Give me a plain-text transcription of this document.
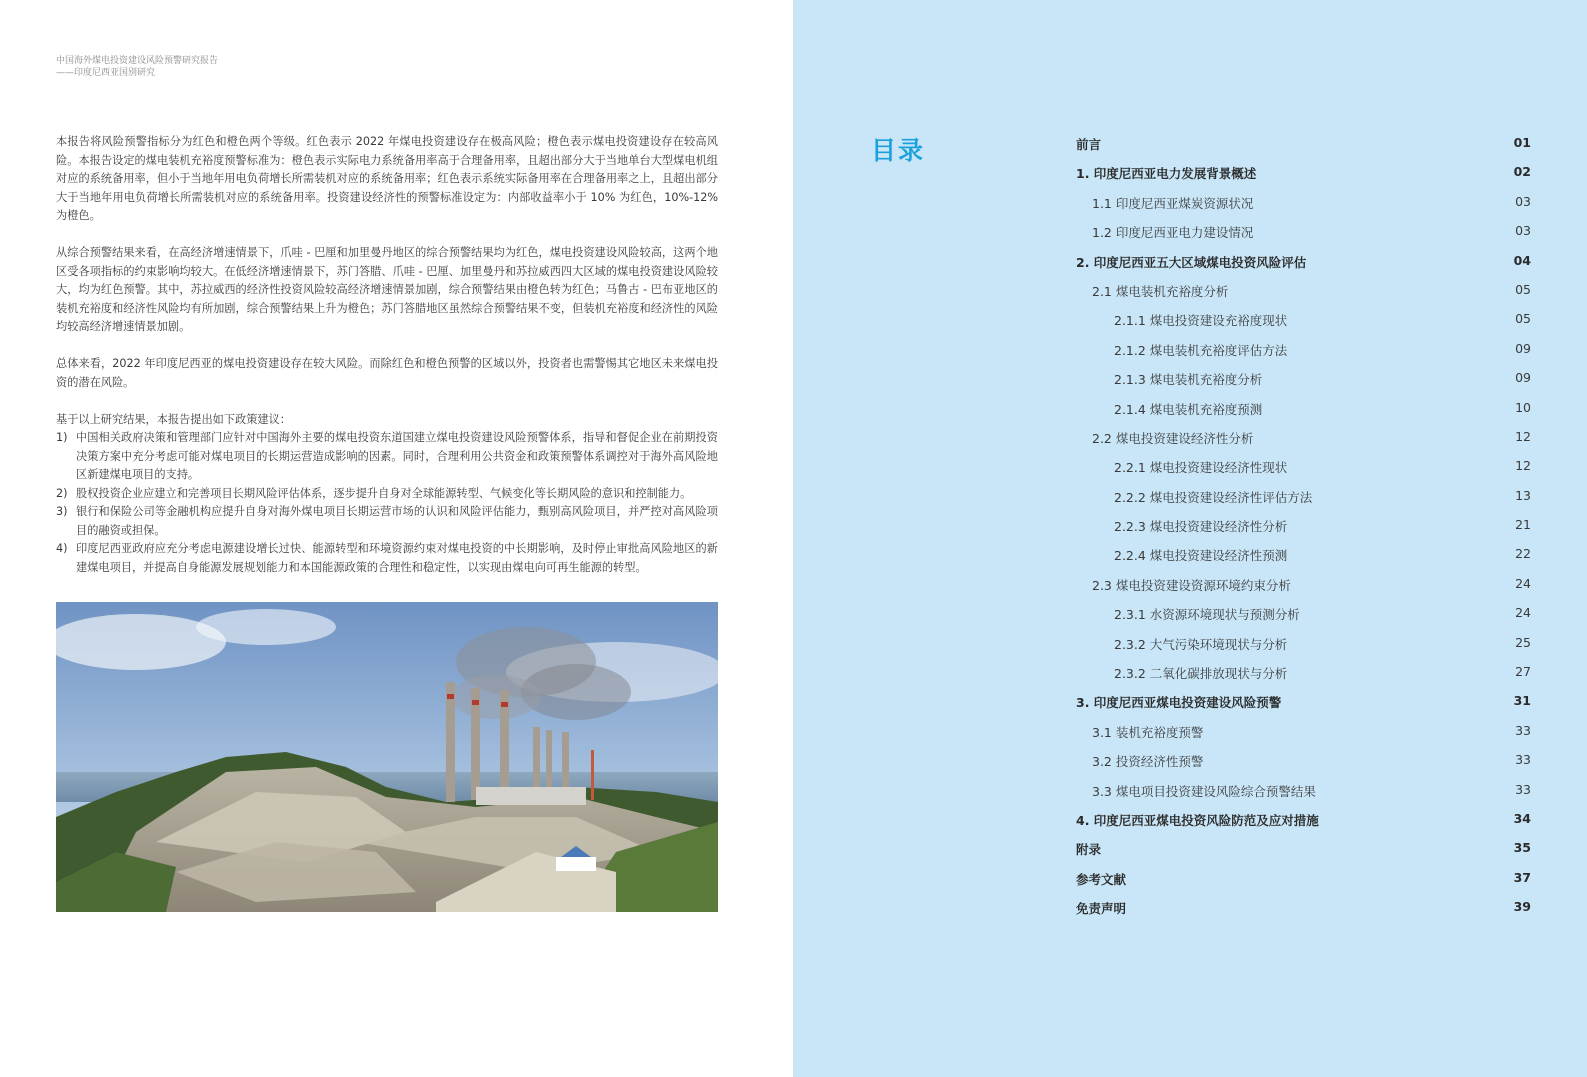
中国海外煤电投资建设风险预警研究报告
——印度尼西亚国别研究

本报告将风险预警指标分为红色和橙色两个等级。红色表示 2022 年煤电投资建设存在极高风险；橙色表示煤电投资建设存在较高风险。本报告设定的煤电装机充裕度预警标准为：橙色表示实际电力系统备用率高于合理备用率，且超出部分大于当地单台大型煤电机组对应的系统备用率，但小于当地年用电负荷增长所需装机对应的系统备用率；红色表示系统实际备用率在合理备用率之上，且超出部分大于当地年用电负荷增长所需装机对应的系统备用率。投资建设经济性的预警标准设定为：内部收益率小于 10% 为红色，10%-12% 为橙色。

从综合预警结果来看，在高经济增速情景下，爪哇 - 巴厘和加里曼丹地区的综合预警结果均为红色，煤电投资建设风险较高，这两个地区受各项指标的约束影响均较大。在低经济增速情景下，苏门答腊、爪哇 - 巴厘、加里曼丹和苏拉威西四大区域的煤电投资建设风险较大，均为红色预警。其中，苏拉威西的经济性投资风险较高经济增速情景加剧，综合预警结果由橙色转为红色；马鲁古 - 巴布亚地区的装机充裕度和经济性风险均有所加剧，综合预警结果上升为橙色；苏门答腊地区虽然综合预警结果不变，但装机充裕度和经济性的风险均较高经济增速情景加剧。

总体来看，2022 年印度尼西亚的煤电投资建设存在较大风险。而除红色和橙色预警的区域以外，投资者也需警惕其它地区未来煤电投资的潜在风险。

基于以上研究结果，本报告提出如下政策建议：

1) 中国相关政府决策和管理部门应针对中国海外主要的煤电投资东道国建立煤电投资建设风险预警体系，指导和督促企业在前期投资决策方案中充分考虑可能对煤电项目的长期运营造成影响的因素。同时，合理利用公共资金和政策预警体系调控对于海外高风险地区新建煤电项目的支持。
2) 股权投资企业应建立和完善项目长期风险评估体系，逐步提升自身对全球能源转型、气候变化等长期风险的意识和控制能力。
3) 银行和保险公司等金融机构应提升自身对海外煤电项目长期运营市场的认识和风险评估能力，甄别高风险项目，并严控对高风险项目的融资或担保。
4) 印度尼西亚政府应充分考虑电源建设增长过快、能源转型和环境资源约束对煤电投资的中长期影响，及时停止审批高风险地区的新建煤电项目，并提高自身能源发展规划能力和本国能源政策的合理性和稳定性，以实现由煤电向可再生能源的转型。
目录	前言	01
1. 印度尼西亚电力发展背景概述	02
1.1 印度尼西亚煤炭资源状况	03
1.2 印度尼西亚电力建设情况	03
2. 印度尼西亚五大区域煤电投资风险评估	04
2.1 煤电装机充裕度分析	05
2.1.1 煤电投资建设充裕度现状	05
2.1.2 煤电装机充裕度评估方法	09
2.1.3 煤电装机充裕度分析	09
2.1.4 煤电装机充裕度预测	10
2.2 煤电投资建设经济性分析	12
2.2.1 煤电投资建设经济性现状	12
2.2.2 煤电投资建设经济性评估方法	13
2.2.3 煤电投资建设经济性分析	21
2.2.4 煤电投资建设经济性预测	22
2.3 煤电投资建设资源环境约束分析	24
2.3.1 水资源环境现状与预测分析	24
2.3.2 大气污染环境现状与分析	25
2.3.2 二氧化碳排放现状与分析	27
3. 印度尼西亚煤电投资建设风险预警	31
3.1 装机充裕度预警	33
3.2 投资经济性预警	33
3.3 煤电项目投资建设风险综合预警结果	33
4. 印度尼西亚煤电投资风险防范及应对措施	34
附录	35
参考文献	37
免责声明	39
